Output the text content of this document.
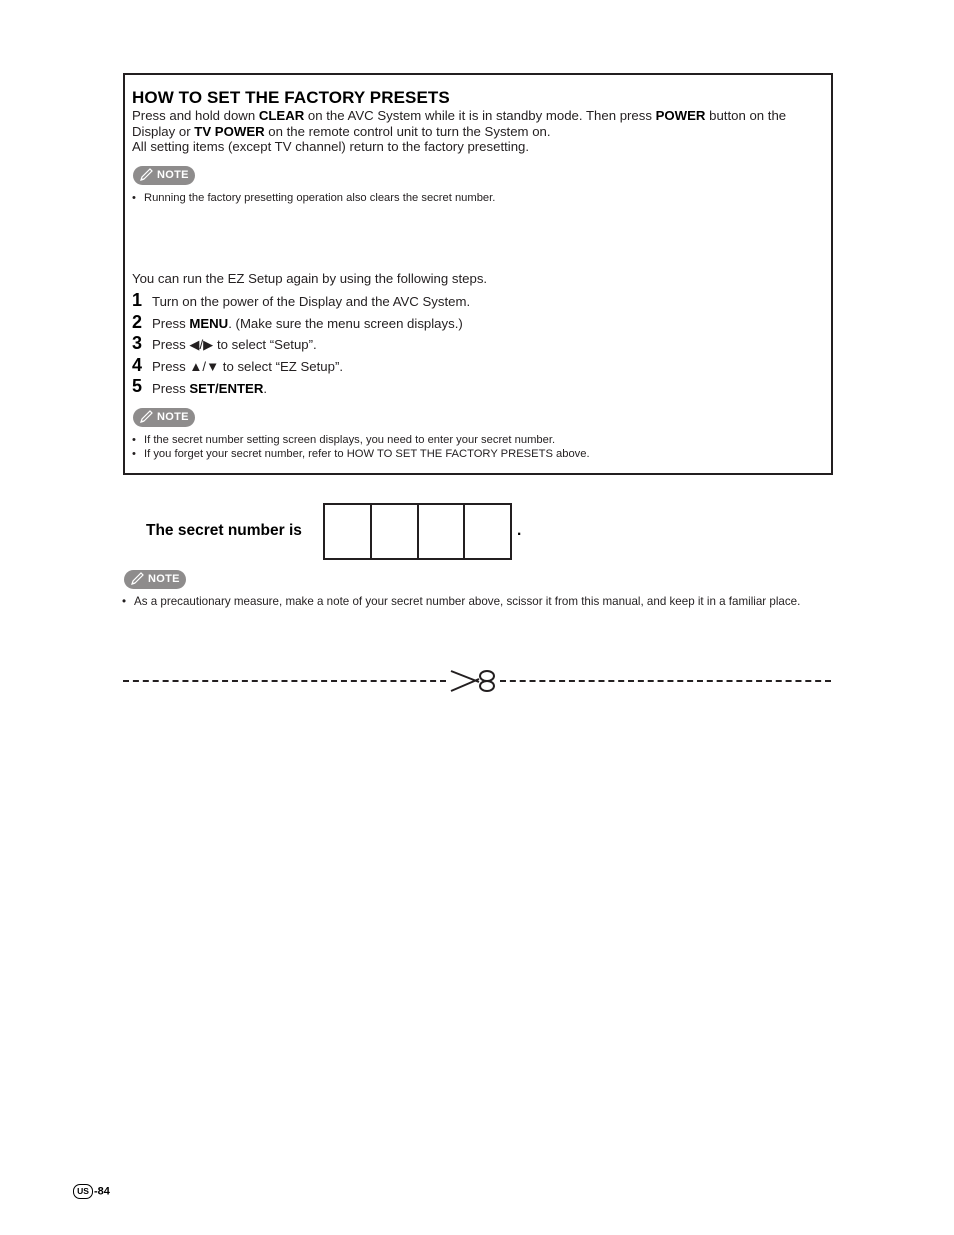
HOW TO SET THE FACTORY PRESETS
Press and hold down CLEAR on the AVC System while it is in standby mode. Then press POWER button on the Display or TV POWER on the remote control unit to turn the System on.
All setting items (except TV channel) return to the factory presetting.
NOTE
• Running the factory presetting operation also clears the secret number.
You can run the EZ Setup again by using the following steps.
1 Turn on the power of the Display and the AVC System.
2 Press MENU. (Make sure the menu screen displays.)
3 Press ◀/▶ to select “Setup”.
4 Press ▲/▼ to select “EZ Setup”.
5 Press SET/ENTER.
NOTE
• If the secret number setting screen displays, you need to enter your secret number.
• If you forget your secret number, refer to HOW TO SET THE FACTORY PRESETS above.
The secret number is	.
NOTE
• As a precautionary measure, make a note of your secret number above, scissor it from this manual, and keep it in a familiar place.
US -84
